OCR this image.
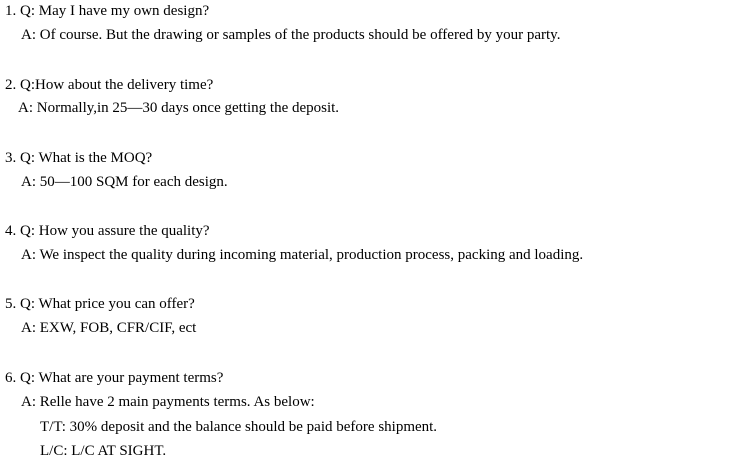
1. Q: May I have my own design?
A: Of course. But the drawing or samples of the products should be offered by your party.
2. Q:How about the delivery time?
A: Normally,in 25—30 days once getting the deposit.
3. Q: What is the MOQ?
A: 50—100 SQM for each design.
4. Q: How you assure the quality?
A: We inspect the quality during incoming material, production process, packing and loading.
5. Q: What price you can offer?
A: EXW, FOB, CFR/CIF, ect
6. Q: What are your payment terms?
A: Relle have 2 main payments terms. As below:
T/T: 30% deposit and the balance should be paid before shipment.
L/C: L/C AT SIGHT.
